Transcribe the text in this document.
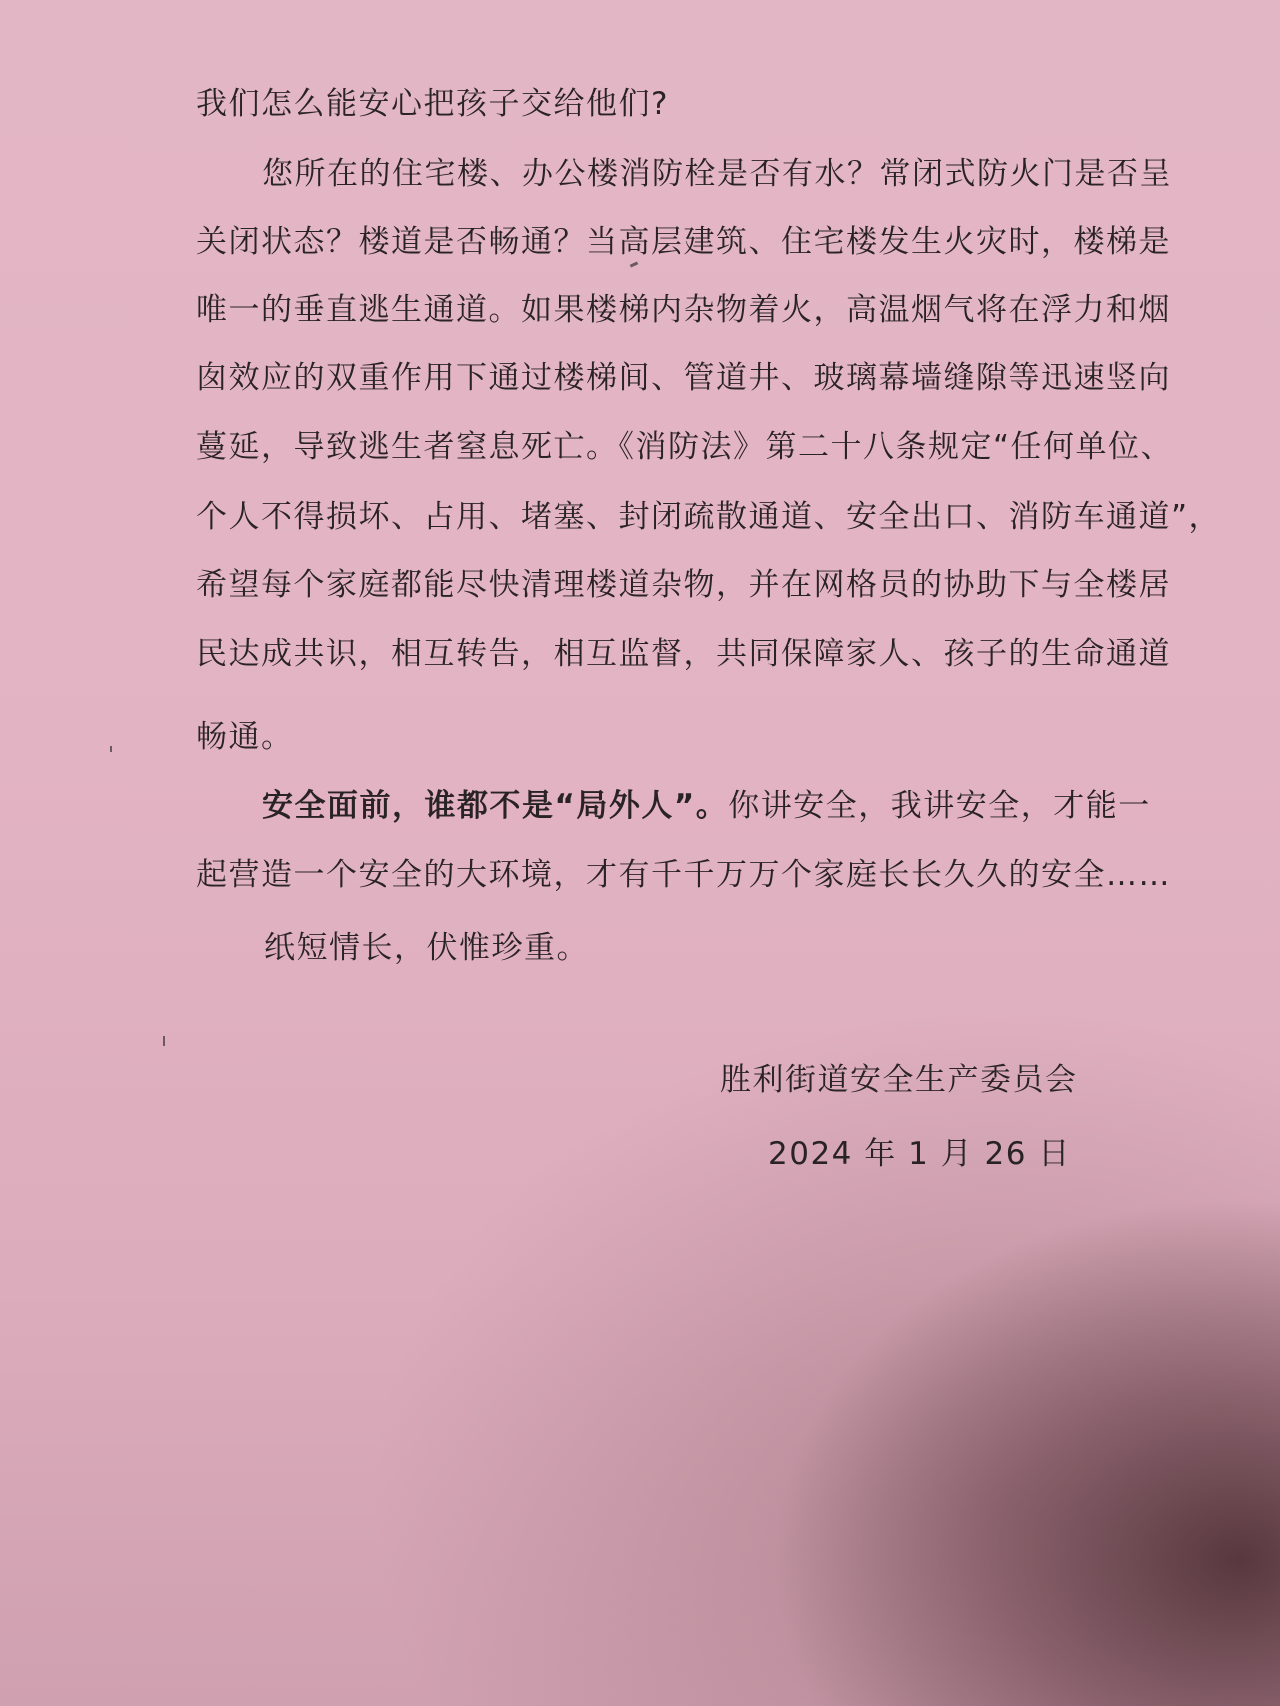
我们怎么能安心把孩子交给他们?
您所在的住宅楼、办公楼消防栓是否有水？常闭式防火门是否呈
关闭状态？楼道是否畅通？当高层建筑、住宅楼发生火灾时，楼梯是
唯一的垂直逃生通道。如果楼梯内杂物着火，高温烟气将在浮力和烟
囱效应的双重作用下通过楼梯间、管道井、玻璃幕墙缝隙等迅速竖向
蔓延，导致逃生者窒息死亡。《消防法》第二十八条规定“任何单位、
个人不得损坏、占用、堵塞、封闭疏散通道、安全出口、消防车通道”，
希望每个家庭都能尽快清理楼道杂物，并在网格员的协助下与全楼居
民达成共识，相互转告，相互监督，共同保障家人、孩子的生命通道
畅通。
安全面前，谁都不是“局外人”。你讲安全，我讲安全，才能一
起营造一个安全的大环境，才有千千万万个家庭长长久久的安全……
纸短情长，伏惟珍重。
胜利街道安全生产委员会
2024 年 1 月 26 日
